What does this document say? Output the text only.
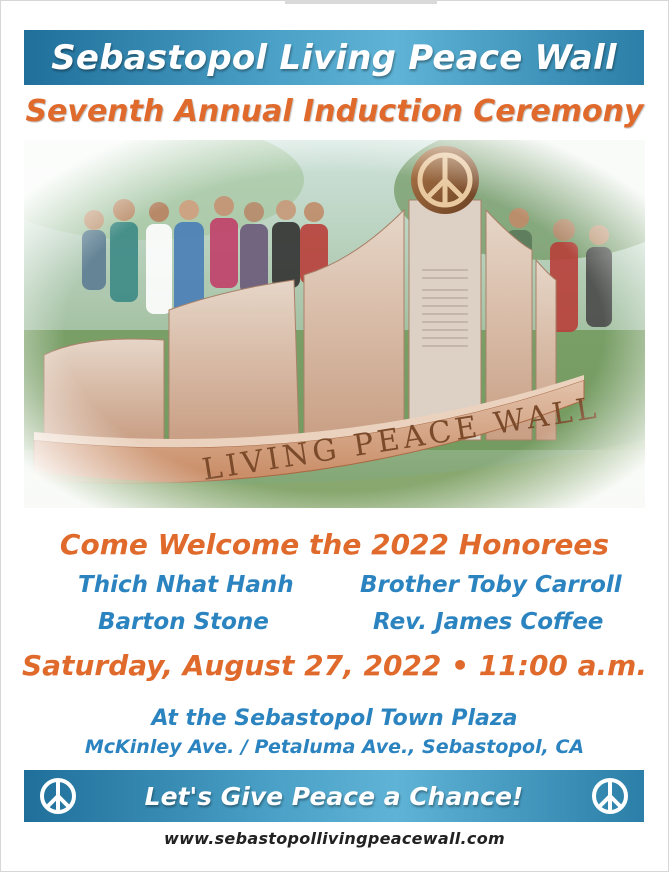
Sebastopol Living Peace Wall
Seventh Annual Induction Ceremony
Come Welcome the 2022 Honorees
Thich Nhat Hanh	Brother Toby Carroll
Barton Stone	Rev. James Coffee
Saturday, August 27, 2022 • 11:00 a.m.
At the Sebastopol Town Plaza
McKinley Ave. / Petaluma Ave., Sebastopol, CA
Let's Give Peace a Chance!
www.sebastopollivingpeacewall.com
